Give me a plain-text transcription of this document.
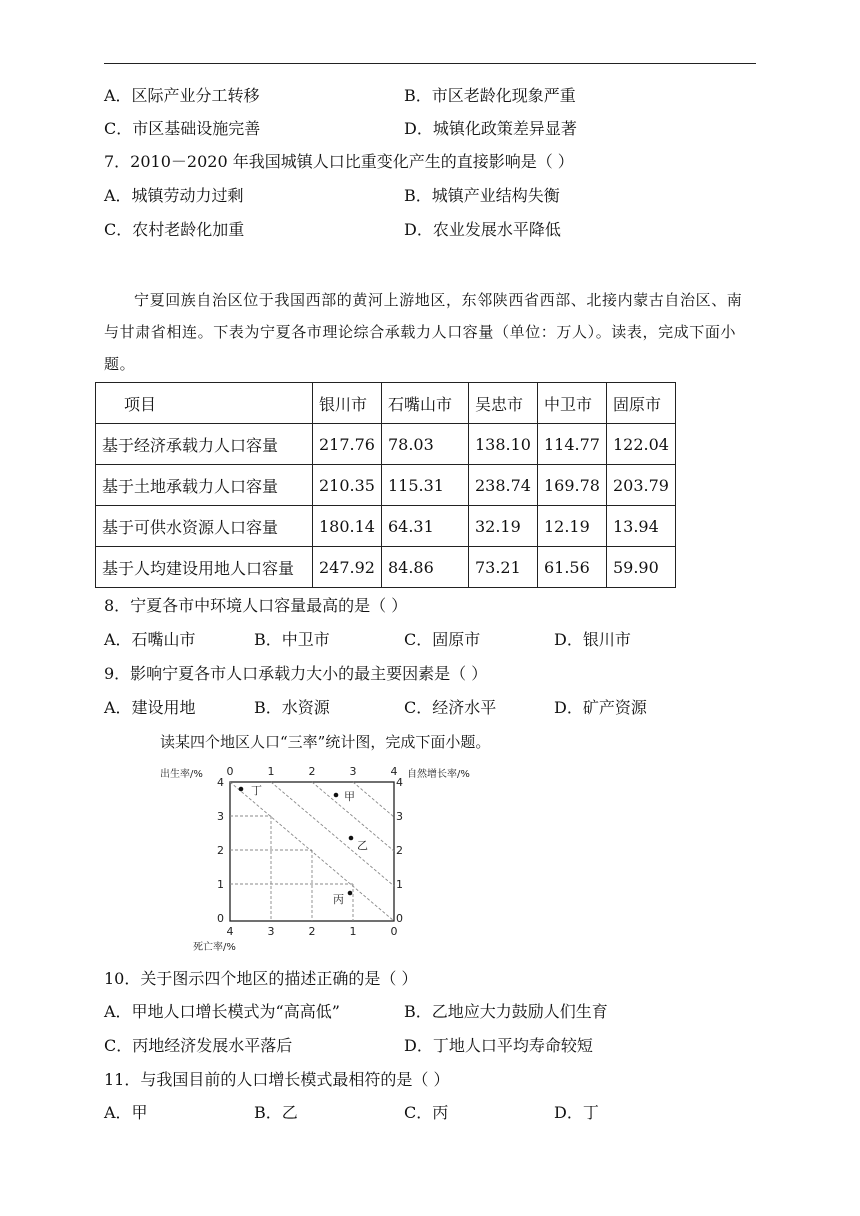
A．区际产业分工转移	B．市区老龄化现象严重
C．市区基础设施完善	D．城镇化政策差异显著
7．2010－2020 年我国城镇人口比重变化产生的直接影响是（ ）
A．城镇劳动力过剩	B．城镇产业结构失衡
C．农村老龄化加重	D．农业发展水平降低
宁夏回族自治区位于我国西部的黄河上游地区，东邻陕西省西部、北接内蒙古自治区、南与甘肃省相连。下表为宁夏各市理论综合承载力人口容量（单位：万人）。读表，完成下面小题。
项目	银川市	石嘴山市	吴忠市	中卫市	固原市
基于经济承载力人口容量	217.76	78.03	138.10	114.77	122.04
基于土地承载力人口容量	210.35	115.31	238.74	169.78	203.79
基于可供水资源人口容量	180.14	64.31	32.19	12.19	13.94
基于人均建设用地人口容量	247.92	84.86	73.21	61.56	59.90
8．宁夏各市中环境人口容量最高的是（ ）
A．石嘴山市	B．中卫市	C．固原市	D．银川市
9．影响宁夏各市人口承载力大小的最主要因素是（ ）
A．建设用地	B．水资源	C．经济水平	D．矿产资源
读某四个地区人口“三率”统计图，完成下面小题。
出生率/%	自然增长率/%
死亡率/%
0	1	2	3	4
4
3
2
1
0
4
3
2
1
0
4	3	2	1	0
丁	甲
乙
丙
10．关于图示四个地区的描述正确的是（ ）
A．甲地人口增长模式为“高高低”	B．乙地应大力鼓励人们生育
C．丙地经济发展水平落后	D．丁地人口平均寿命较短
11．与我国目前的人口增长模式最相符的是（ ）
A．甲	B．乙	C．丙	D．丁
